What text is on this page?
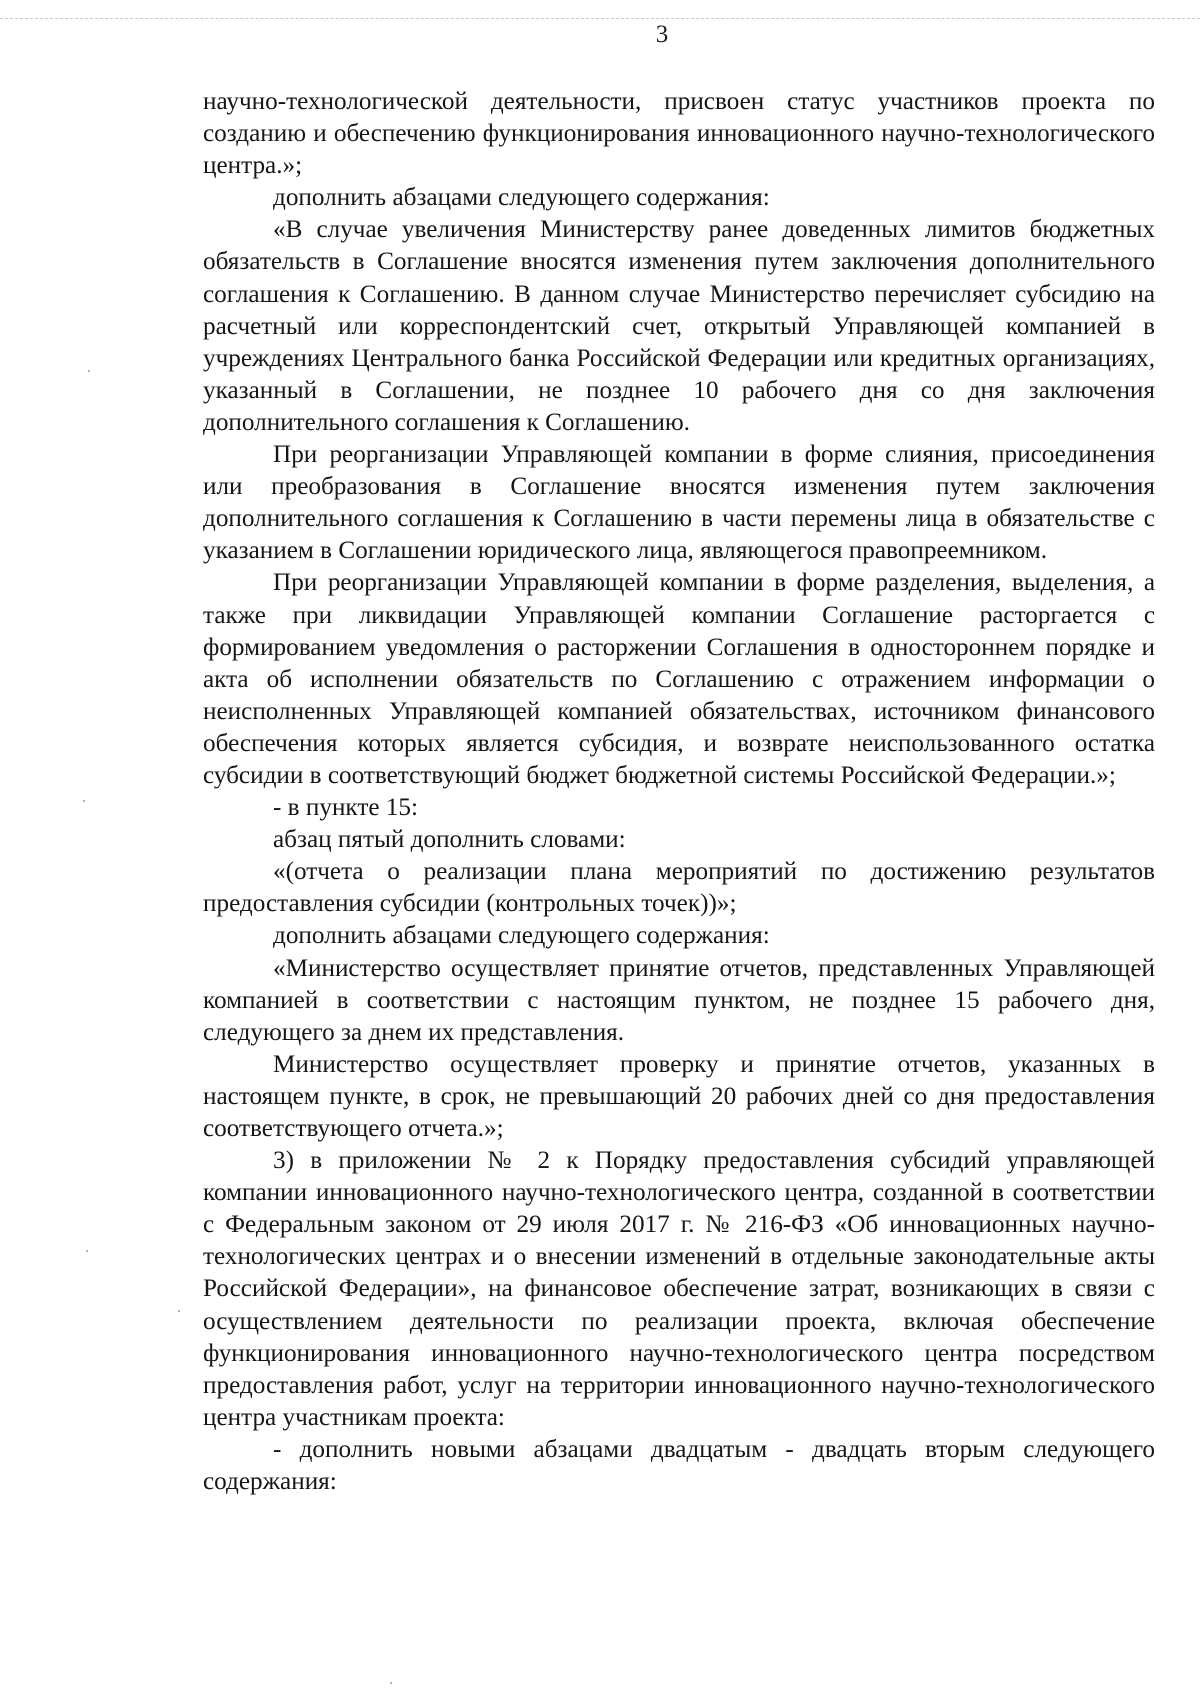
3

научно-технологической деятельности, присвоен статус участников проекта по созданию и обеспечению функционирования инновационного научно-технологического центра.»;

дополнить абзацами следующего содержания:

«В случае увеличения Министерству ранее доведенных лимитов бюджетных обязательств в Соглашение вносятся изменения путем заключения дополнительного соглашения к Соглашению. В данном случае Министерство перечисляет субсидию на расчетный или корреспондентский счет, открытый Управляющей компанией в учреждениях Центрального банка Российской Федерации или кредитных организациях, указанный в Соглашении, не позднее 10 рабочего дня со дня заключения дополнительного соглашения к Соглашению.

При реорганизации Управляющей компании в форме слияния, присоединения или преобразования в Соглашение вносятся изменения путем заключения дополнительного соглашения к Соглашению в части перемены лица в обязательстве с указанием в Соглашении юридического лица, являющегося правопреемником.

При реорганизации Управляющей компании в форме разделения, выделения, а также при ликвидации Управляющей компании Соглашение расторгается с формированием уведомления о расторжении Соглашения в одностороннем порядке и акта об исполнении обязательств по Соглашению с отражением информации о неисполненных Управляющей компанией обязательствах, источником финансового обеспечения которых является субсидия, и возврате неиспользованного остатка субсидии в соответствующий бюджет бюджетной системы Российской Федерации.»;

- в пункте 15:

абзац пятый дополнить словами:

«(отчета о реализации плана мероприятий по достижению результатов предоставления субсидии (контрольных точек))»;

дополнить абзацами следующего содержания:

«Министерство осуществляет принятие отчетов, представленных Управляющей компанией в соответствии с настоящим пунктом, не позднее 15 рабочего дня, следующего за днем их представления.

Министерство осуществляет проверку и принятие отчетов, указанных в настоящем пункте, в срок, не превышающий 20 рабочих дней со дня предоставления соответствующего отчета.»;

3) в приложении № 2 к Порядку предоставления субсидий управляющей компании инновационного научно-технологического центра, созданной в соответствии с Федеральным законом от 29 июля 2017 г. № 216-ФЗ «Об инновационных научно-технологических центрах и о внесении изменений в отдельные законодательные акты Российской Федерации», на финансовое обеспечение затрат, возникающих в связи с осуществлением деятельности по реализации проекта, включая обеспечение функционирования инновационного научно-технологического центра посредством предоставления работ, услуг на территории инновационного научно-технологического центра участникам проекта:

- дополнить новыми абзацами двадцатым - двадцать вторым следующего содержания:
